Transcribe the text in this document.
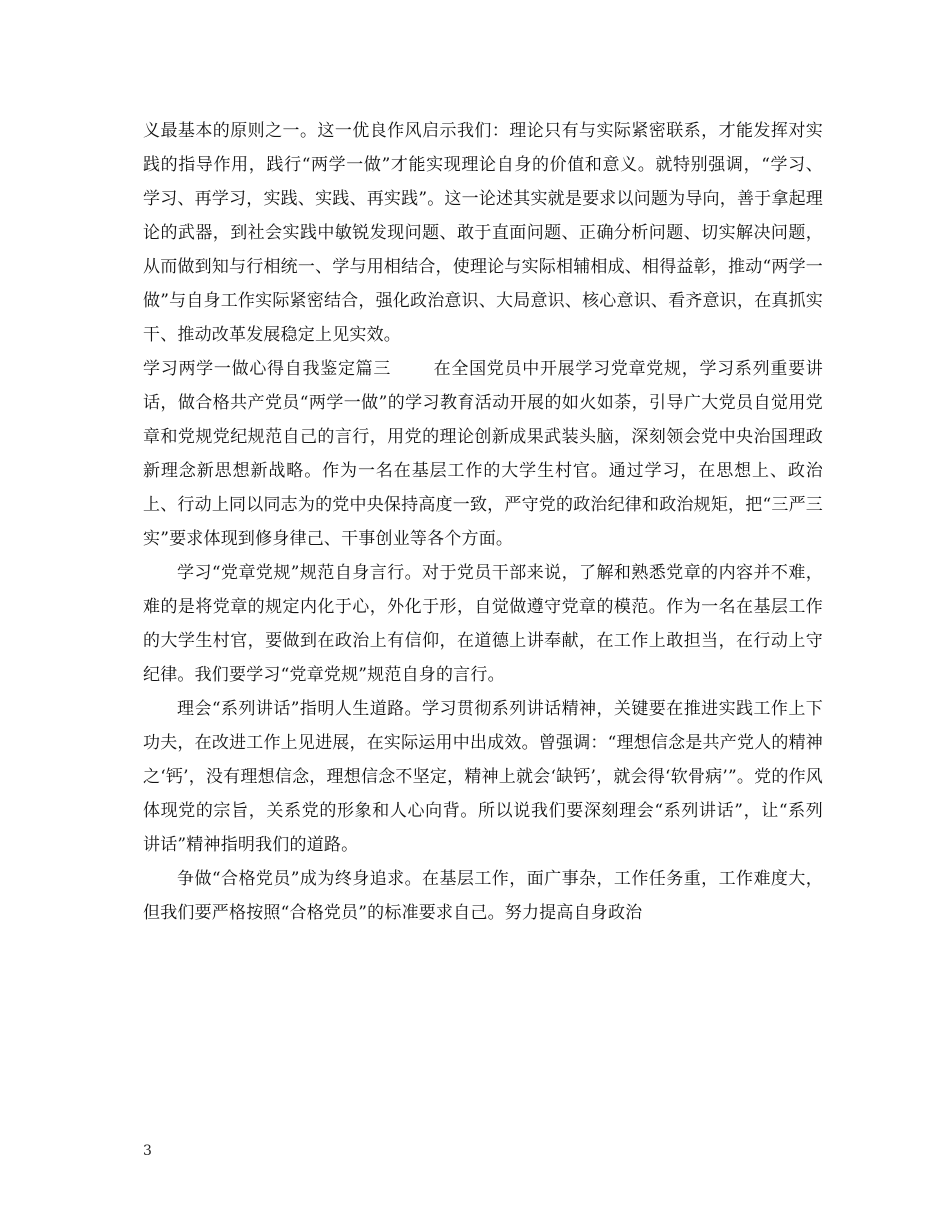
义最基本的原则之一。这一优良作风启示我们：理论只有与实际紧密联系，才能发挥对实践的指导作用，践行“两学一做”才能实现理论自身的价值和意义。就特别强调，“学习、学习、再学习，实践、实践、再实践”。这一论述其实就是要求以问题为导向，善于拿起理论的武器，到社会实践中敏锐发现问题、敢于直面问题、正确分析问题、切实解决问题，从而做到知与行相统一、学与用相结合，使理论与实际相辅相成、相得益彰，推动“两学一做”与自身工作实际紧密结合，强化政治意识、大局意识、核心意识、看齐意识，在真抓实干、推动改革发展稳定上见实效。

学习两学一做心得自我鉴定篇三 在全国党员中开展学习党章党规，学习系列重要讲话，做合格共产党员“两学一做”的学习教育活动开展的如火如荼，引导广大党员自觉用党章和党规党纪规范自己的言行，用党的理论创新成果武装头脑，深刻领会党中央治国理政新理念新思想新战略。作为一名在基层工作的大学生村官。通过学习，在思想上、政治上、行动上同以同志为的党中央保持高度一致，严守党的政治纪律和政治规矩，把“三严三实”要求体现到修身律己、干事创业等各个方面。

学习“党章党规”规范自身言行。对于党员干部来说，了解和熟悉党章的内容并不难，难的是将党章的规定内化于心，外化于形，自觉做遵守党章的模范。作为一名在基层工作的大学生村官，要做到在政治上有信仰，在道德上讲奉献，在工作上敢担当，在行动上守纪律。我们要学习“党章党规”规范自身的言行。

理会“系列讲话”指明人生道路。学习贯彻系列讲话精神，关键要在推进实践工作上下功夫，在改进工作上见进展，在实际运用中出成效。曾强调：“理想信念是共产党人的精神之‘钙’，没有理想信念，理想信念不坚定，精神上就会‘缺钙’，就会得‘软骨病’”。党的作风体现党的宗旨，关系党的形象和人心向背。所以说我们要深刻理会“系列讲话”，让“系列讲话”精神指明我们的道路。

争做“合格党员”成为终身追求。在基层工作，面广事杂，工作任务重，工作难度大，但我们要严格按照“合格党员”的标准要求自己。努力提高自身政治

3
